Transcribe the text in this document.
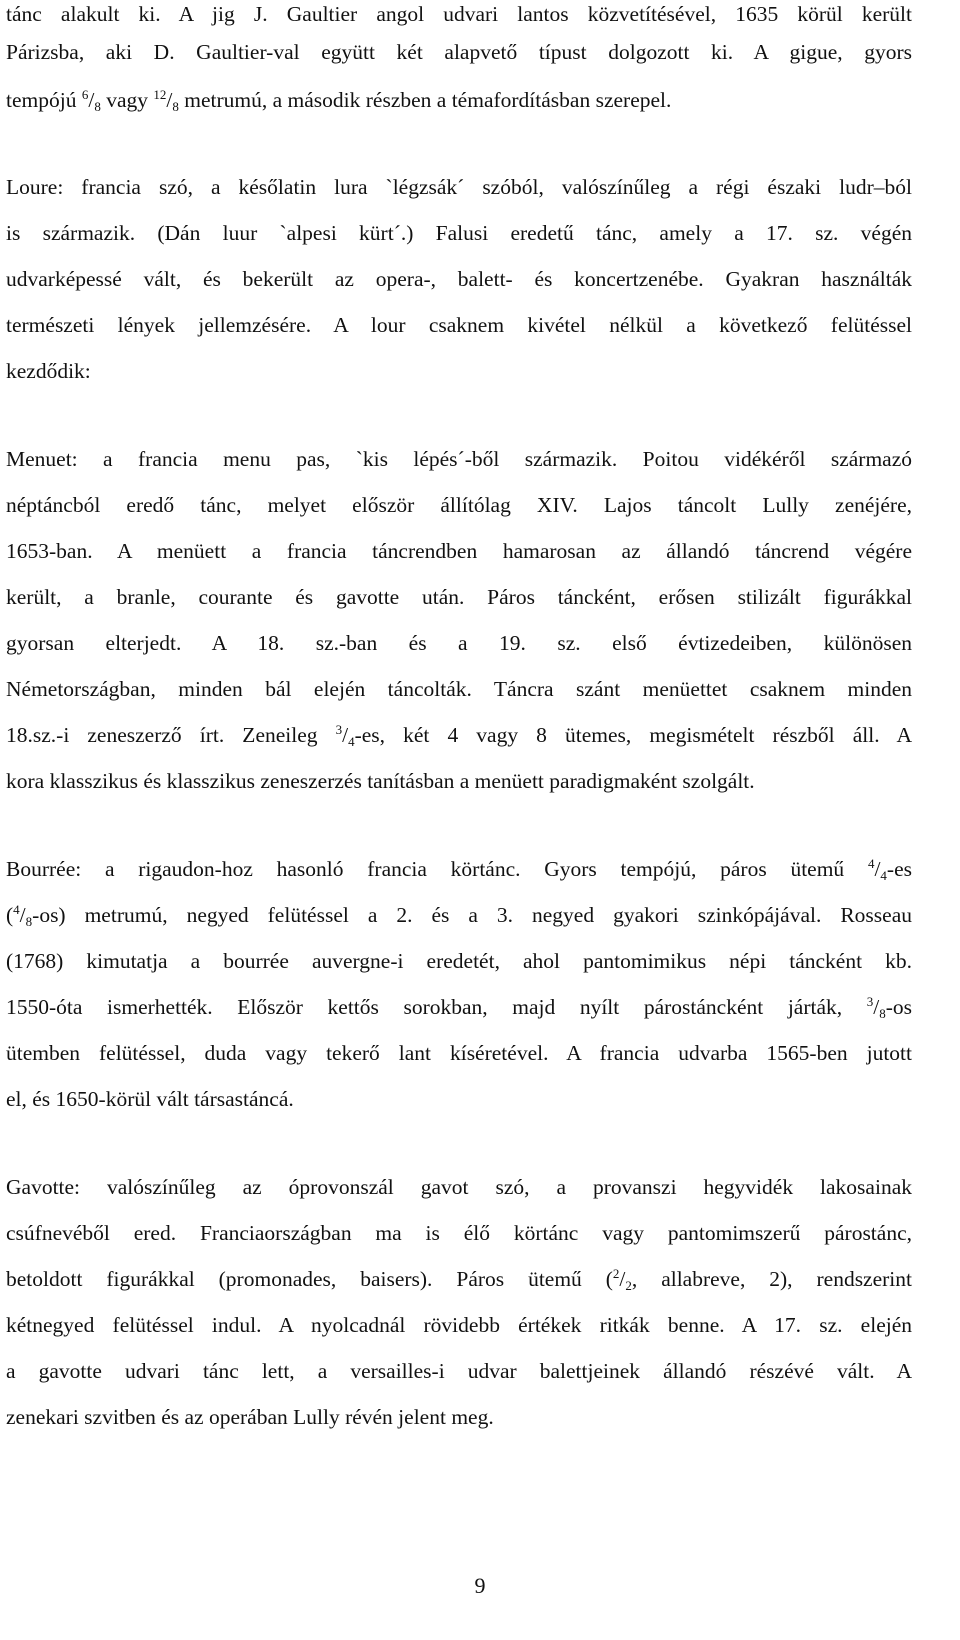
tánc alakult ki. A jig J. Gaultier angol udvari lantos közvetítésével, 1635 körül került
Párizsba, aki D. Gaultier-val együtt két alapvető típust dolgozott ki. A gigue, gyors
tempójú $^6/_8$ vagy $^{12}/_8$ metrumú, a második részben a témafordításban szerepel.
Loure: francia szó, a későlatin lura `légzsák´ szóból, valószínűleg a régi északi ludr–ból
is származik. (Dán luur `alpesi kürt´.) Falusi eredetű tánc, amely a 17. sz. végén
udvarképessé vált, és bekerült az opera-, balett- és koncertzenébe. Gyakran használták
természeti lények jellemzésére. A lour csaknem kivétel nélkül a következő felütéssel
kezdődik:
Menuet: a francia menu pas, `kis lépés´-ből származik. Poitou vidékéről származó
néptáncból eredő tánc, melyet először állítólag XIV. Lajos táncolt Lully zenéjére,
1653-ban. A menüett a francia táncrendben hamarosan az állandó táncrend végére
került, a branle, courante és gavotte után. Páros táncként, erősen stilizált figurákkal
gyorsan elterjedt. A 18. sz.-ban és a 19. sz. első évtizedeiben, különösen
Németországban, minden bál elején táncolták. Táncra szánt menüettet csaknem minden
18.sz.-i zeneszerző írt. Zeneileg $^3/_4-es$, két 4 vagy 8 ütemes, megismételt részből áll. A
kora klasszikus és klasszikus zeneszerzés tanításban a menüett paradigmaként szolgált.
Bourrée: a rigaudon-hoz hasonló francia körtánc. Gyors tempójú, páros ütemű $^4/_4-es$
$(^4/_8-os)$ metrumú, negyed felütéssel a 2. és a 3. negyed gyakori szinkópájával. Rosseau
(1768) kimutatja a bourrée auvergne-i eredetét, ahol pantomimikus népi táncként kb.
1550-óta ismerhették. Először kettős sorokban, majd nyílt párostáncként járták, $^3/_8-os$
ütemben felütéssel, duda vagy tekerő lant kíséretével. A francia udvarba 1565-ben jutott
el, és 1650-körül vált társastáncá.
Gavotte: valószínűleg az óprovonszál gavot szó, a provanszi hegyvidék lakosainak
csúfnevéből ered. Franciaországban ma is élő körtánc vagy pantomimszerű párostánc,
betoldott figurákkal (promonades, baisers). Páros ütemű ($^2/_2$, allabreve, 2), rendszerint
kétnegyed felütéssel indul. A nyolcadnál rövidebb értékek ritkák benne. A 17. sz. elején
a gavotte udvari tánc lett, a versailles-i udvar balettjeinek állandó részévé vált. A
zenekari szvitben és az operában Lully révén jelent meg.
9
